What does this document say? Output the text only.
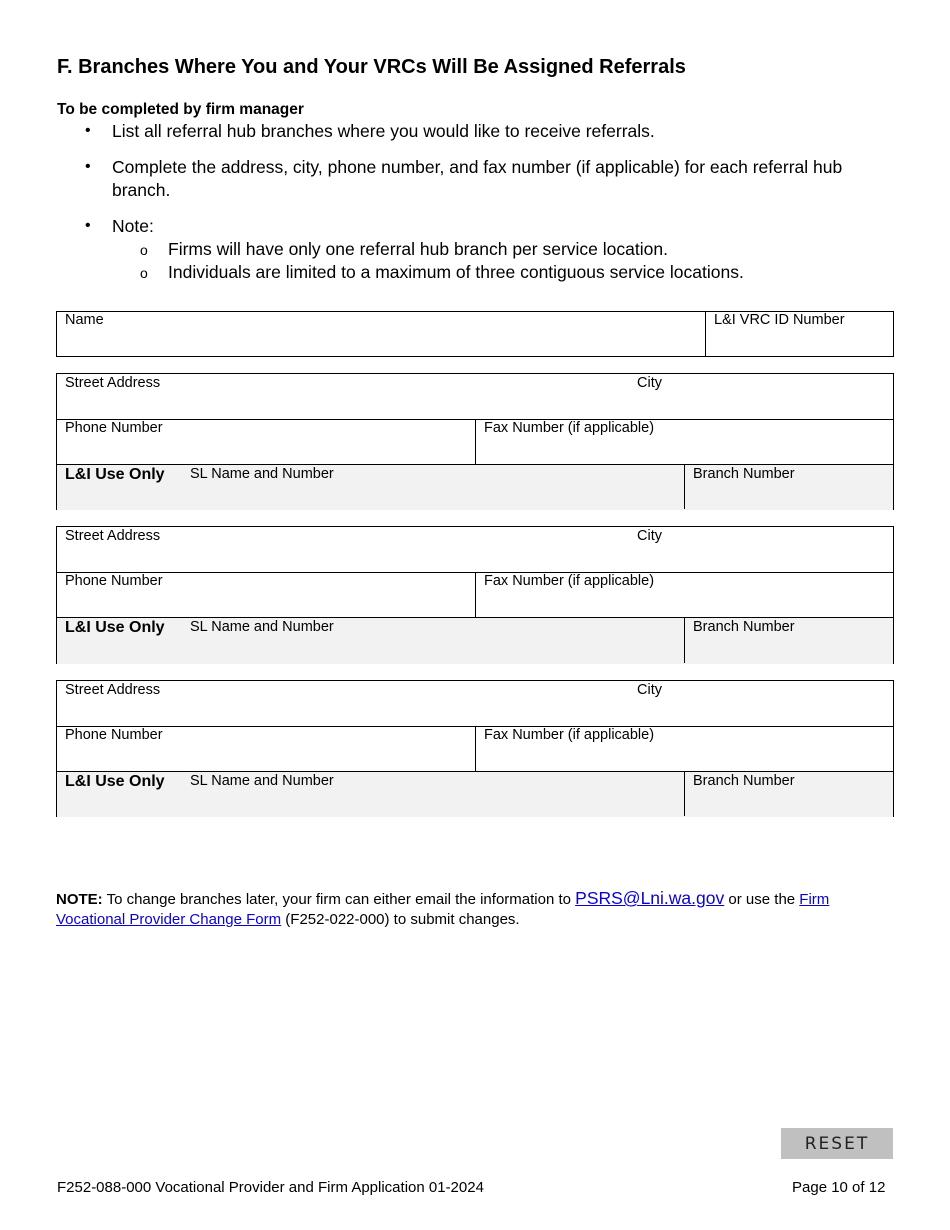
F. Branches Where You and Your VRCs Will Be Assigned Referrals
To be completed by firm manager
• List all referral hub branches where you would like to receive referrals.
• Complete the address, city, phone number, and fax number (if applicable) for each referral hub branch.
• Note:
o Firms will have only one referral hub branch per service location.
o Individuals are limited to a maximum of three contiguous service locations.
Name	L&I VRC ID Number
Street Address	City
Phone Number	Fax Number (if applicable)
L&I Use Only SL Name and Number	Branch Number
Street Address	City
Phone Number	Fax Number (if applicable)
L&I Use Only SL Name and Number	Branch Number
Street Address	City
Phone Number	Fax Number (if applicable)
L&I Use Only SL Name and Number	Branch Number
NOTE: To change branches later, your firm can either email the information to PSRS@Lni.wa.gov or use the Firm Vocational Provider Change Form (F252-022-000) to submit changes.
RESET
F252-088-000 Vocational Provider and Firm Application 01-2024	Page 10 of 12
